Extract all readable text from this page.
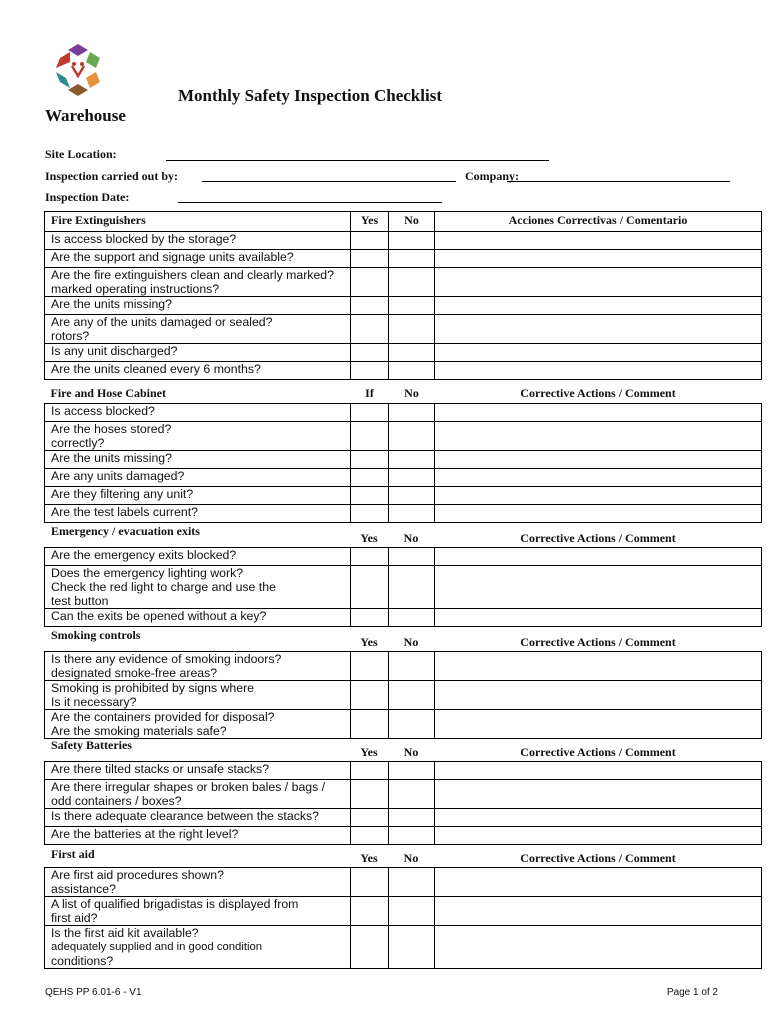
Monthly Safety Inspection Checklist
Warehouse
Site Location:
Inspection carried out by:	Company:
Inspection Date:
Fire Extinguishers	Yes	No	Acciones Correctivas / Comentario
Is access blocked by the storage?			
Are the support and signage units available?			
Are the fire extinguishers clean and clearly marked?
marked operating instructions?			
Are the units missing?			
Are any of the units damaged or sealed?
rotors?			
Is any unit discharged?			
Are the units cleaned every 6 months?			
Fire and Hose Cabinet	If	No	Corrective Actions / Comment
Is access blocked?			
Are the hoses stored?
correctly?			
Are the units missing?			
Are any units damaged?			
Are they filtering any unit?			
Are the test labels current?			
Emergency / evacuation exits	Yes	No	Corrective Actions / Comment
Are the emergency exits blocked?			
Does the emergency lighting work?
Check the red light to charge and use the
test button			
Can the exits be opened without a key?			
Smoking controls	Yes	No	Corrective Actions / Comment
Is there any evidence of smoking indoors?
designated smoke-free areas?			
Smoking is prohibited by signs where
Is it necessary?			
Are the containers provided for disposal?
Are the smoking materials safe?			
Safety Batteries	Yes	No	Corrective Actions / Comment
Are there tilted stacks or unsafe stacks?			
Are there irregular shapes or broken bales / bags /
odd containers / boxes?			
Is there adequate clearance between the stacks?			
Are the batteries at the right level?			
First aid	Yes	No	Corrective Actions / Comment
Are first aid procedures shown?
assistance?			
A list of qualified brigadistas is displayed from
first aid?			

Is the first aid kit available?
adequately supplied and in good condition
conditions?			

QEHS PP 6.01-6 - V1	Page 1 of 2
